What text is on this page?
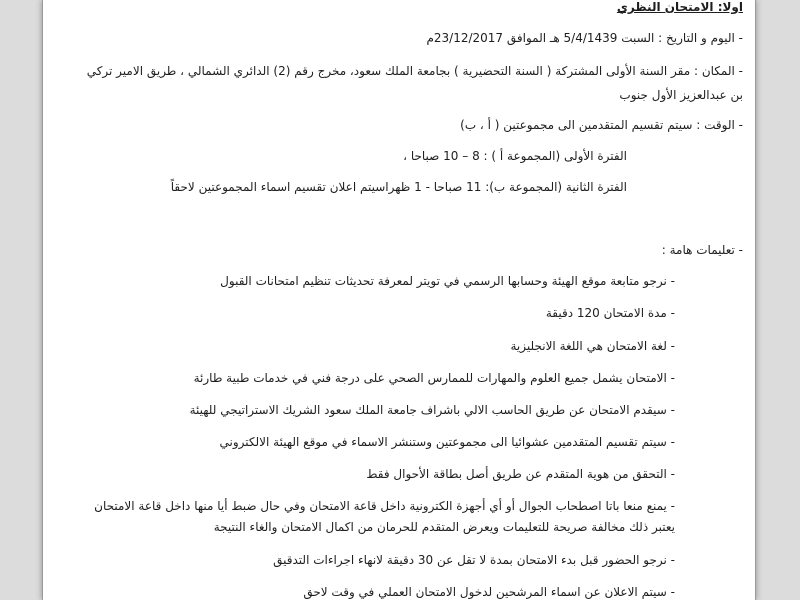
اولا: الامتحان النظري
- اليوم و التاريخ : السبت 5/4/1439 هـ الموافق 23/12/2017م
- المكان : مقر السنة الأولى المشتركة ( السنة التحضيرية ) بجامعة الملك سعود، مخرج رقم (2) الدائري الشمالي ، طريق الامير تركي
بن عبدالعزيز الأول جنوب
- الوقت : سيتم تقسيم المتقدمين الى مجموعتين ( أ ، ب)
الفترة الأولى (المجموعة أ ) : 8 – 10 صباحا ،
الفترة الثانية (المجموعة ب): 11 صباحا - 1 ظهراسيتم اعلان تقسيم اسماء المجموعتين لاحقاً
- تعليمات هامة :
- نرجو متابعة موقع الهيئة وحسابها الرسمي في تويتر لمعرفة تحديثات تنظيم امتحانات القبول
- مدة الامتحان 120 دقيقة
- لغة الامتحان هي اللغة الانجليزية
- الامتحان يشمل جميع العلوم والمهارات للممارس الصحي على درجة فني في خدمات طبية طارئة
- سيقدم الامتحان عن طريق الحاسب الالي باشراف جامعة الملك سعود الشريك الاستراتيجي للهيئة
- سيتم تقسيم المتقدمين عشوائيا الى مجموعتين وستنشر الاسماء في موقع الهيئة الالكتروني
- التحقق من هوية المتقدم عن طريق أصل بطاقة الأحوال فقط
- يمنع منعا باتا اصطحاب الجوال أو أي أجهزة الكترونية داخل قاعة الامتحان وفي حال ضبط أيا منها داخل قاعة الامتحان
يعتبر ذلك مخالفة صريحة للتعليمات ويعرض المتقدم للحرمان من اكمال الامتحان والغاء النتيجة
- نرجو الحضور قبل بدء الامتحان بمدة لا تقل عن 30 دقيقة لانهاء اجراءات التدقيق
- سيتم الاعلان عن اسماء المرشحين لدخول الامتحان العملي في وقت لاحق
